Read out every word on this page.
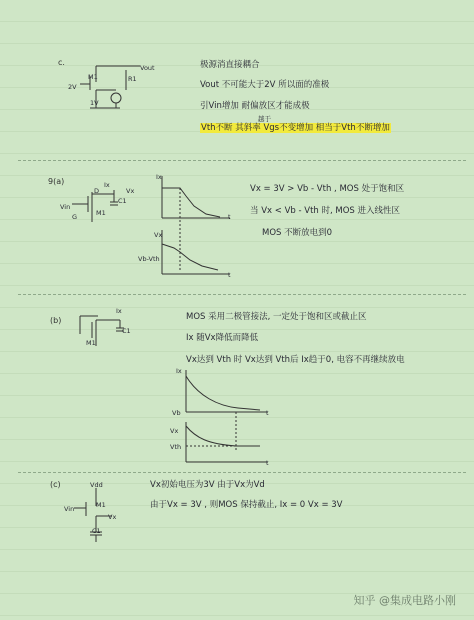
c.
Vout
M1	R1
2V
1V
极源消直接耦合
Vout 不可能大于2V 所以面的准极
引Vin增加 耐偏放区才能成极
越于
Vth不断 其斜率 Vgs不变增加 相当于Vth不断增加
9(a)
Vin
G
D
Ix
Vx
C1
M1
Ix
Vx
Vb-Vth
t
t
Vx = 3V > Vb - Vth , MOS 处于饱和区
当 Vx < Vb - Vth 时, MOS 进入线性区
MOS 不断放电到0
(b)
Ix
C1
M1
MOS 采用二极管接法, 一定处于饱和区或截止区
Ix 随Vx降低而降低
Vx达到 Vth 时 Vx达到 Vth后 Ix趋于0, 电容不再继续放电
Ix
Vb
Vx
Vth
t
t
(c)	Vdd
Vin
Vx
M1
C1
Vx初始电压为3V 由于Vx为Vd
由于Vx = 3V , 则MOS 保持截止, Ix = 0 Vx = 3V
知乎 @集成电路小刚
